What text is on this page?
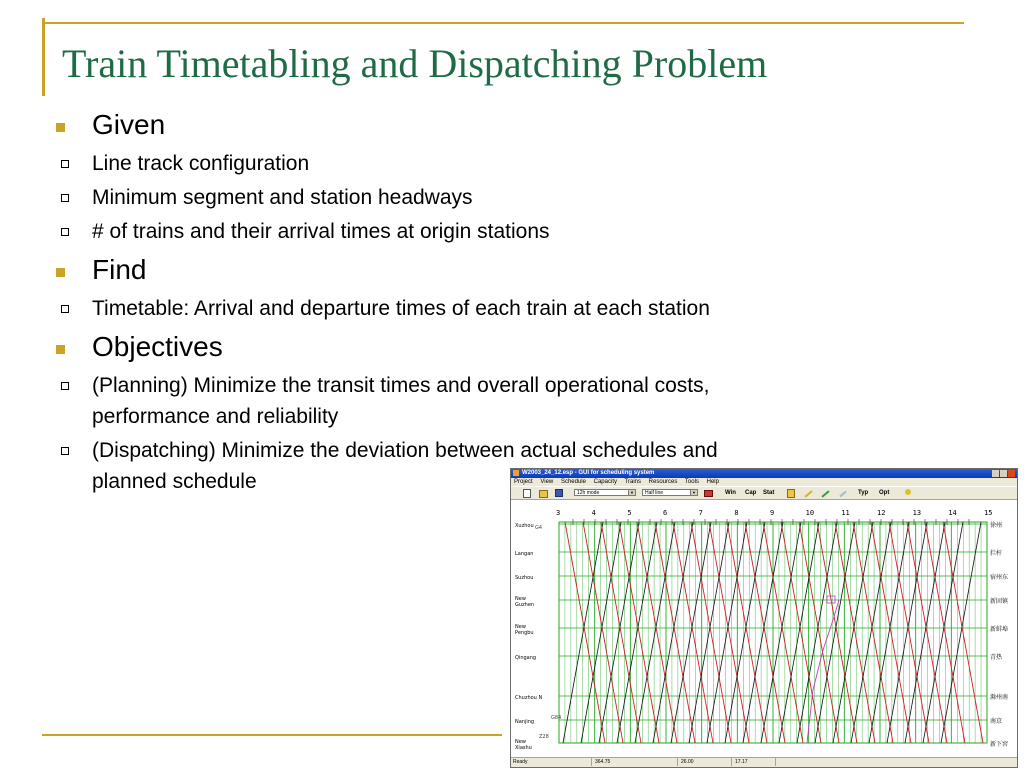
Train Timetabling and Dispatching Problem
Given
Line track configuration
Minimum segment and station headways
# of trains and their arrival times at origin stations
Find
Timetable: Arrival and departure times of each train at each station
Objectives
(Planning) Minimize the transit times and overall operational costs,
performance and reliability
(Dispatching) Minimize the deviation between actual schedules and
planned schedule	W2003_24_12.esp - GUI for scheduling system
Project View Schedule Capacity Trains Resources Tools Help
12h mode	▼	Half line	▼	Win Cap Stat	Typ Opt
3	4	5	6	7	8	9	10	11	12	13	14	15
Xuzhou
Langan
Suzhou
New
Guzhen
New
Pengbu
Qingang
Chuzhou N
Nanjing
New
Xiashu
徐州
拦杆
宿州东
新固镇
新蚌埠
青热
滁州南
南京
新下窖
G4
G84
Z28
Ready	364.75	26.00	17.17
